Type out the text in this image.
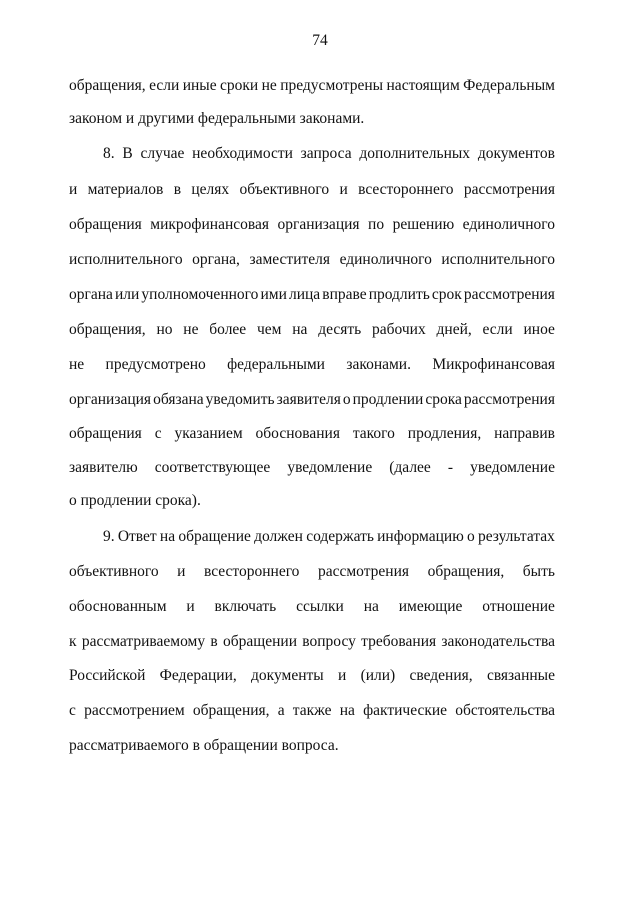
74
обращения, если иные сроки не предусмотрены настоящим Федеральным
законом и другими федеральными законами.
8. В случае необходимости запроса дополнительных документов
и материалов в целях объективного и всестороннего рассмотрения
обращения микрофинансовая организация по решению единоличного
исполнительного органа, заместителя единоличного исполнительного
органа или уполномоченного ими лица вправе продлить срок рассмотрения
обращения, но не более чем на десять рабочих дней, если иное
не предусмотрено федеральными законами. Микрофинансовая
организация обязана уведомить заявителя о продлении срока рассмотрения
обращения с указанием обоснования такого продления, направив
заявителю соответствующее уведомление (далее - уведомление
о продлении срока).
9. Ответ на обращение должен содержать информацию о результатах
объективного и всестороннего рассмотрения обращения, быть
обоснованным и включать ссылки на имеющие отношение
к рассматриваемому в обращении вопросу требования законодательства
Российской Федерации, документы и (или) сведения, связанные
с рассмотрением обращения, а также на фактические обстоятельства
рассматриваемого в обращении вопроса.
